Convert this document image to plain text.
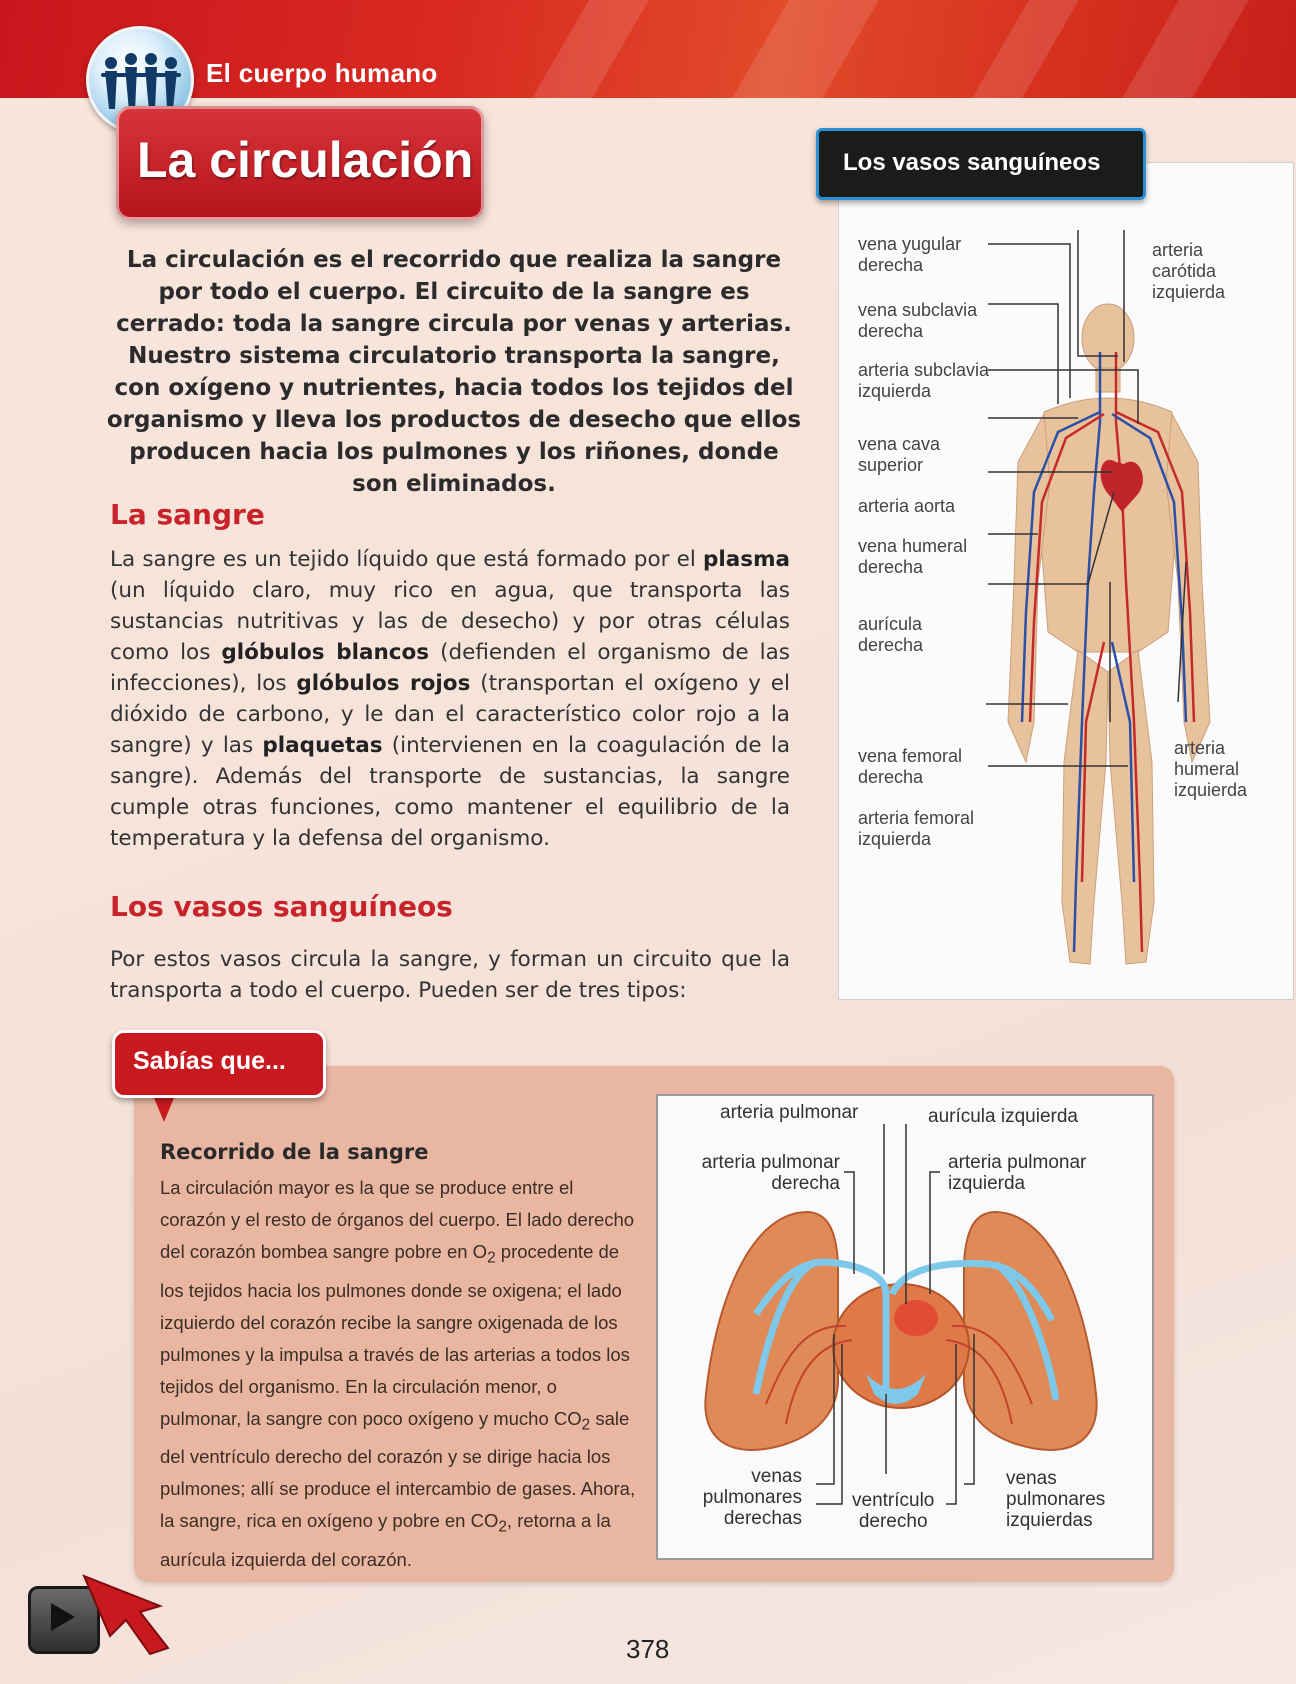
El cuerpo humano
La circulación
La circulación es el recorrido que realiza la sangre por todo el cuerpo. El circuito de la sangre es cerrado: toda la sangre circula por venas y arterias. Nuestro sistema circulatorio transporta la sangre, con oxígeno y nutrientes, hacia todos los tejidos del organismo y lleva los productos de desecho que ellos producen hacia los pulmones y los riñones, donde son eliminados.
La sangre
La sangre es un tejido líquido que está formado por el plasma (un líquido claro, muy rico en agua, que transporta las sustancias nutritivas y las de desecho) y por otras células como los glóbulos blancos (defienden el organismo de las infecciones), los glóbulos rojos (transportan el oxígeno y el dióxido de carbono, y le dan el característico color rojo a la sangre) y las plaquetas (intervienen en la coagulación de la sangre). Además del transporte de sustancias, la sangre cumple otras funciones, como mantener el equilibrio de la temperatura y la defensa del organismo.
Los vasos sanguíneos
Por estos vasos circula la sangre, y forman un circuito que la transporta a todo el cuerpo. Pueden ser de tres tipos:
Los vasos sanguíneos
vena yugular
derecha
vena subclavia
derecha
arteria subclavia
izquierda
vena cava
superior
arteria aorta
vena humeral
derecha
aurícula
derecha
vena femoral
derecha
arteria femoral
izquierda
arteria
carótida
izquierda
arteria
humeral
izquierda
Sabías que...
Recorrido de la sangre
La circulación mayor es la que se produce entre el corazón y el resto de órganos del cuerpo. El lado derecho del corazón bombea sangre pobre en $O_2$ procedente de los tejidos hacia los pulmones donde se oxigena; el lado izquierdo del corazón recibe la sangre oxigenada de los pulmones y la impulsa a través de las arterias a todos los tejidos del organismo. En la circulación menor, o pulmonar, la sangre con poco oxígeno y mucho $CO_2$ sale del ventrículo derecho del corazón y se dirige hacia los pulmones; allí se produce el intercambio de gases. Ahora, la sangre, rica en oxígeno y pobre en $CO_2$, retorna a la aurícula izquierda del corazón.
arteria pulmonar	aurícula izquierda
arteria pulmonar
derecha
arteria pulmonar
izquierda
venas
pulmonares
derechas
ventrículo
derecho
venas
pulmonares
izquierdas
378
